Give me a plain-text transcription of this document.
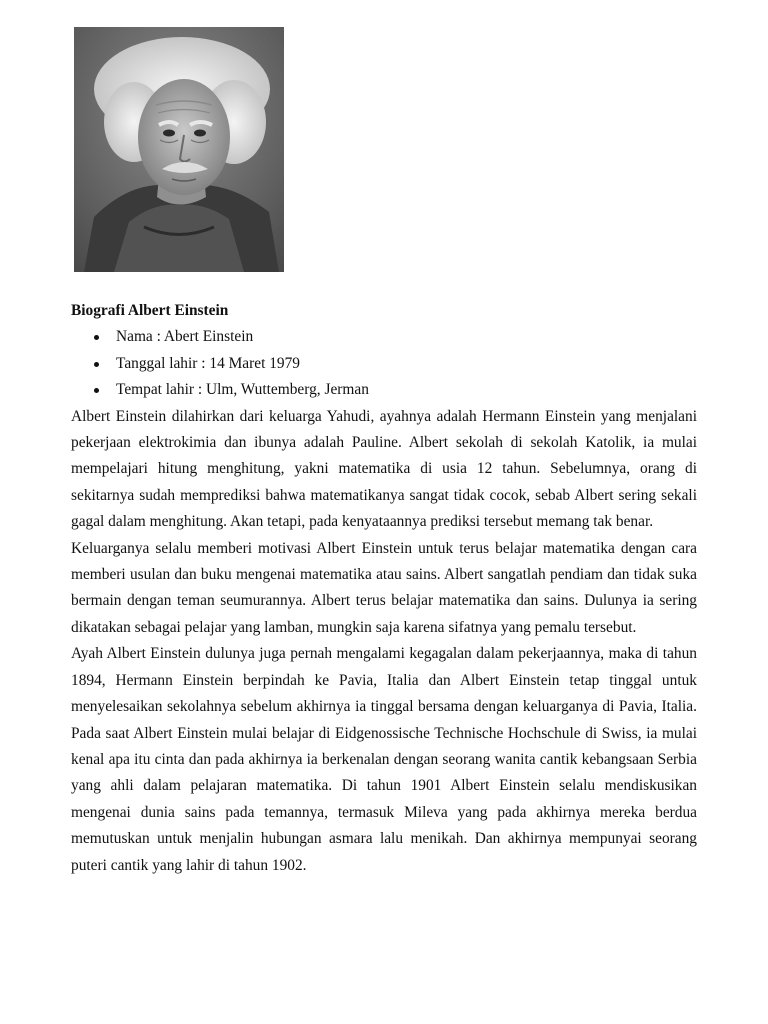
Biografi Albert Einstein

Nama : Abert Einstein
Tanggal lahir : 14 Maret 1979
Tempat lahir : Ulm, Wuttemberg, Jerman

Albert Einstein dilahirkan dari keluarga Yahudi, ayahnya adalah Hermann Einstein yang menjalani pekerjaan elektrokimia dan ibunya adalah Pauline. Albert sekolah di sekolah Katolik, ia mulai mempelajari hitung menghitung, yakni matematika di usia 12 tahun. Sebelumnya, orang di sekitarnya sudah memprediksi bahwa matematikanya sangat tidak cocok, sebab Albert sering sekali gagal dalam menghitung. Akan tetapi, pada kenyataannya prediksi tersebut memang tak benar.

Keluarganya selalu memberi motivasi Albert Einstein untuk terus belajar matematika dengan cara memberi usulan dan buku mengenai matematika atau sains. Albert sangatlah pendiam dan tidak suka bermain dengan teman seumurannya. Albert terus belajar matematika dan sains. Dulunya ia sering dikatakan sebagai pelajar yang lamban, mungkin saja karena sifatnya yang pemalu tersebut.

Ayah Albert Einstein dulunya juga pernah mengalami kegagalan dalam pekerjaannya, maka di tahun 1894, Hermann Einstein berpindah ke Pavia, Italia dan Albert Einstein tetap tinggal untuk menyelesaikan sekolahnya sebelum akhirnya ia tinggal bersama dengan keluarganya di Pavia, Italia. Pada saat Albert Einstein mulai belajar di Eidgenossische Technische Hochschule di Swiss, ia mulai kenal apa itu cinta dan pada akhirnya ia berkenalan dengan seorang wanita cantik kebangsaan Serbia yang ahli dalam pelajaran matematika. Di tahun 1901 Albert Einstein selalu mendiskusikan mengenai dunia sains pada temannya, termasuk Mileva yang pada akhirnya mereka berdua memutuskan untuk menjalin hubungan asmara lalu menikah. Dan akhirnya mempunyai seorang puteri cantik yang lahir di tahun 1902.
